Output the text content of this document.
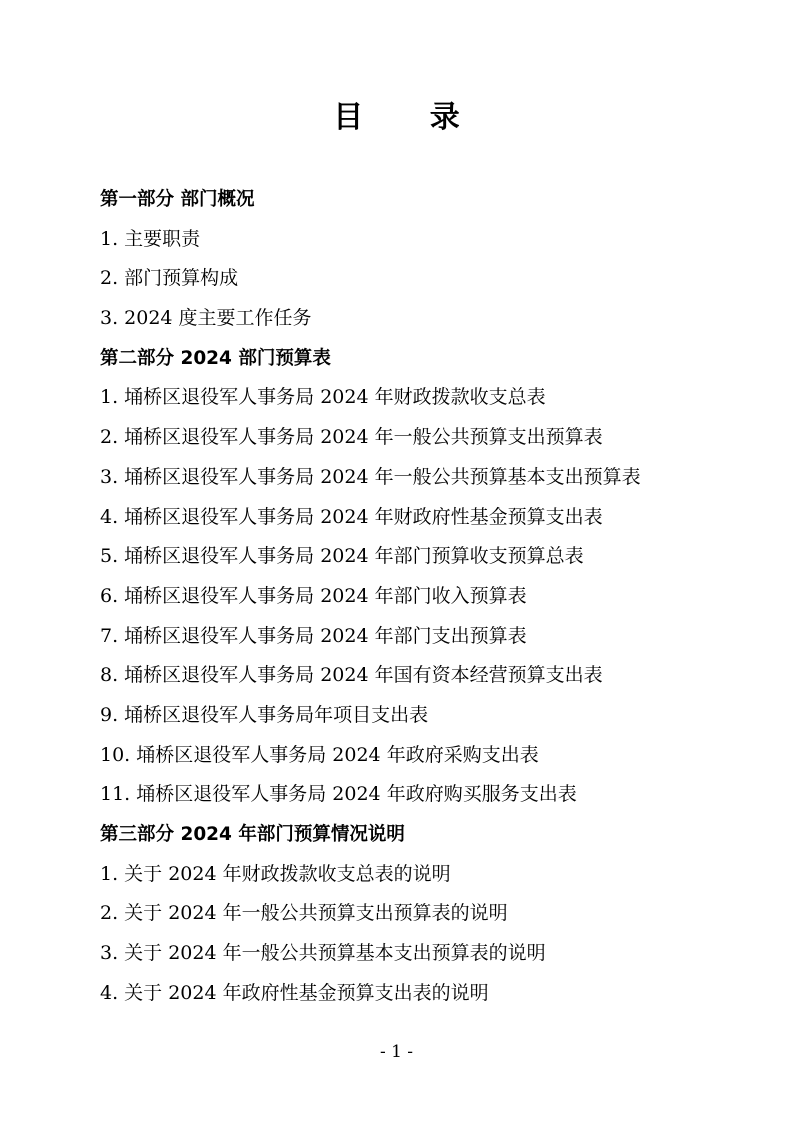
目 录
第一部分 部门概况
1. 主要职责
2. 部门预算构成
3. 2024 度主要工作任务
第二部分 2024 部门预算表
1. 埇桥区退役军人事务局 2024 年财政拨款收支总表
2. 埇桥区退役军人事务局 2024 年一般公共预算支出预算表
3. 埇桥区退役军人事务局 2024 年一般公共预算基本支出预算表
4. 埇桥区退役军人事务局 2024 年财政府性基金预算支出表
5. 埇桥区退役军人事务局 2024 年部门预算收支预算总表
6. 埇桥区退役军人事务局 2024 年部门收入预算表
7. 埇桥区退役军人事务局 2024 年部门支出预算表
8. 埇桥区退役军人事务局 2024 年国有资本经营预算支出表
9. 埇桥区退役军人事务局年项目支出表
10. 埇桥区退役军人事务局 2024 年政府采购支出表
11. 埇桥区退役军人事务局 2024 年政府购买服务支出表
第三部分 2024 年部门预算情况说明
1. 关于 2024 年财政拨款收支总表的说明
2. 关于 2024 年一般公共预算支出预算表的说明
3. 关于 2024 年一般公共预算基本支出预算表的说明
4. 关于 2024 年政府性基金预算支出表的说明
- 1 -
